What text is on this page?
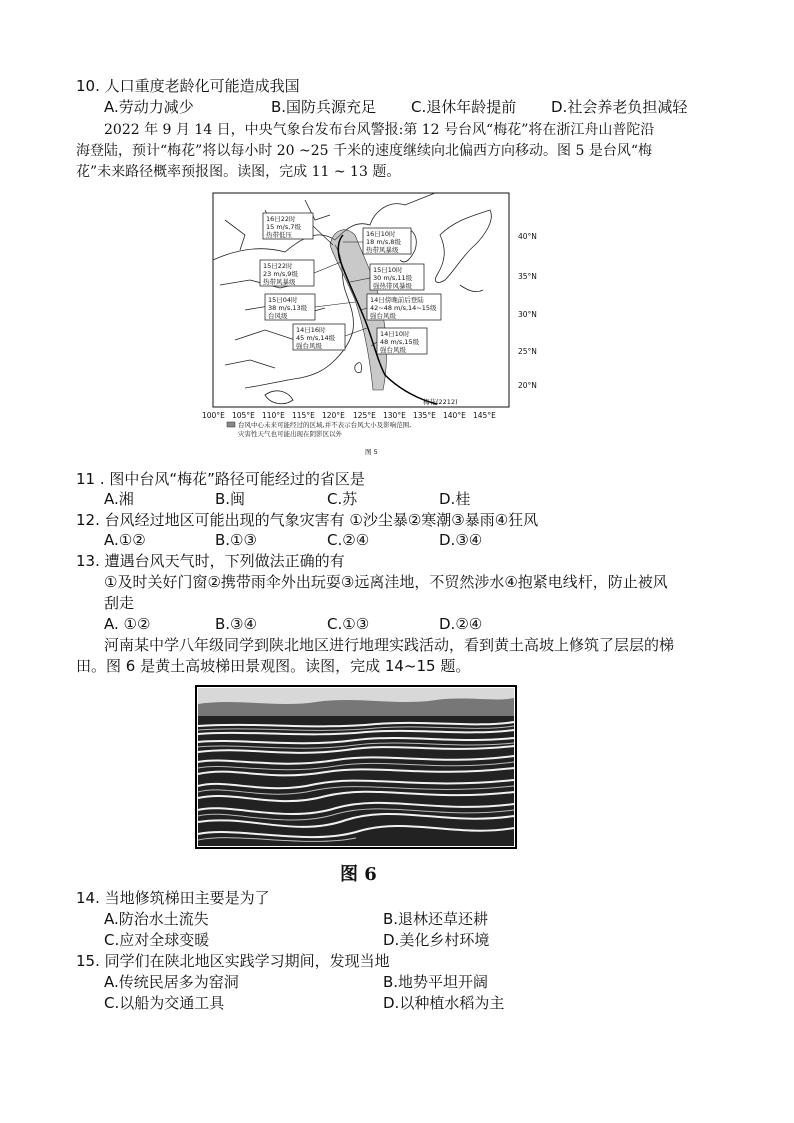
10. 人口重度老龄化可能造成我国
A.劳动力减少	B.国防兵源充足 C.退休年龄提前 D.社会养老负担减轻
2022 年 9 月 14 日，中央气象台发布台风警报:第 12 号台风“梅花”将在浙江舟山普陀沿
海登陆，预计“梅花”将以每小时 20 ~25 千米的速度继续向北偏西方向移动。图 5 是台风“梅
花”未来路径概率预报图。读图，完成 11 ~ 13 题。
40°N
35°N
30°N
25°N
20°N
100°E 105°E 110°E 115°E 120°E 125°E 130°E 135°E 140°E 145°E
16日22时
15 m/s,7级
热带低压	16日10时
18 m/s,8级
热带风暴级
15日22时
23 m/s,9级
热带风暴级
15日10时
30 m/s,11级
强热带风暴级
15日04时
38 m/s,13级
台风级
14日傍晚前后登陆
42~48 m/s,14~15级
强台风级
14日16时
45 m/s,14级
强台风级
14日10时
48 m/s,15级
强台风级
梅花(2212)
台风中心未来可能经过的区域,并不表示台风大小及影响范围,
灾害性天气也可能出现在阴影区以外
图 5
11 . 图中台风“梅花”路径可能经过的省区是
A.湘	B.闽	C.苏	D.桂
12. 台风经过地区可能出现的气象灾害有 ①沙尘暴②寒潮③暴雨④狂风
A.①②	B.①③	C.②④	D.③④
13. 遭遇台风天气时，下列做法正确的有
①及时关好门窗②携带雨伞外出玩耍③远离洼地，不贸然涉水④抱紧电线杆，防止被风
刮走
A. ①②	B.③④	C.①③	D.②④
河南某中学八年级同学到陕北地区进行地理实践活动，看到黄土高坡上修筑了层层的梯
田。图 6 是黄土高坡梯田景观图。读图，完成 14~15 题。
图 6
14. 当地修筑梯田主要是为了
A.防治水土流失	B.退林还草还耕
C.应对全球变暖	D.美化乡村环境
15. 同学们在陕北地区实践学习期间，发现当地
A.传统民居多为窑洞	B.地势平坦开阔
C.以船为交通工具	D.以种植水稻为主
